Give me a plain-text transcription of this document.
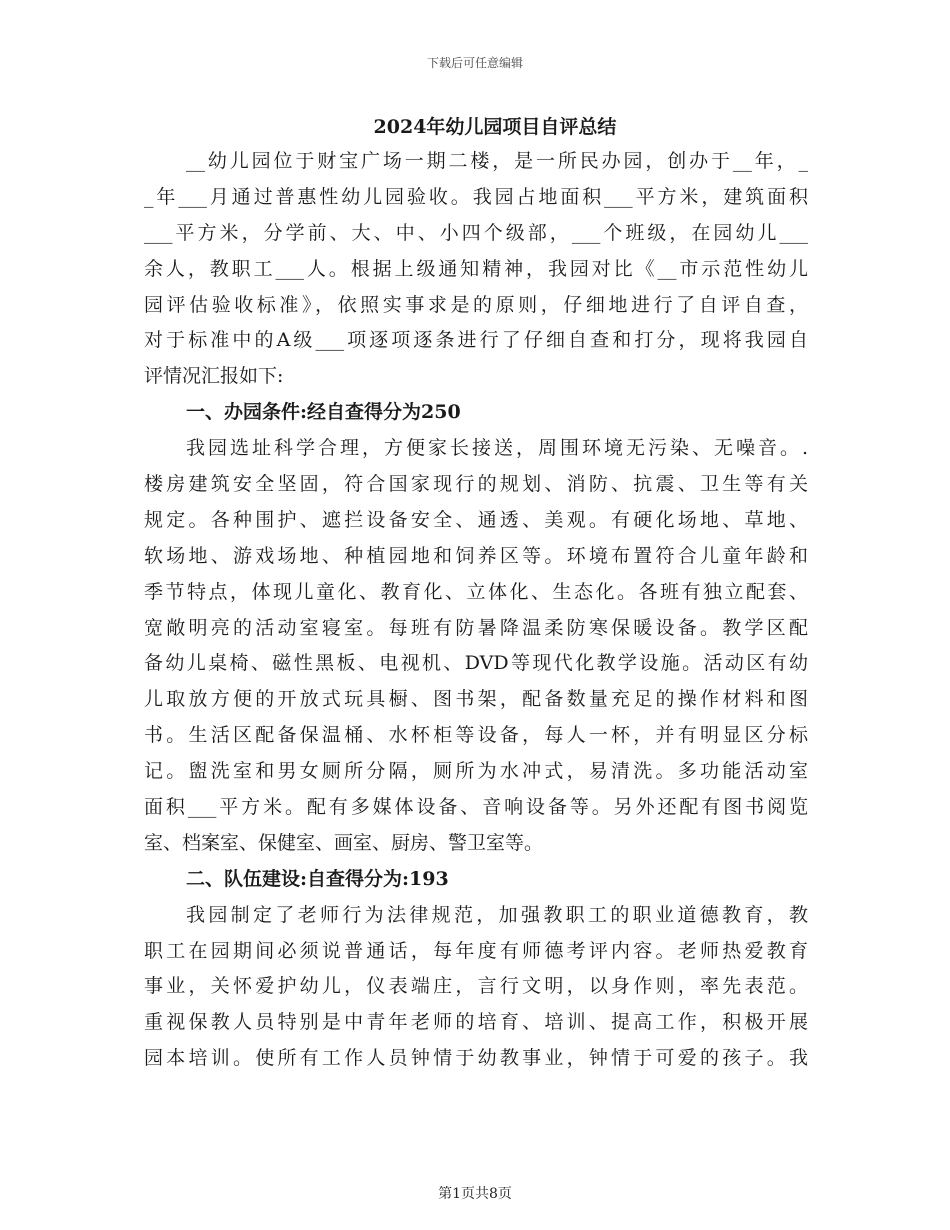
下载后可任意编辑
2024年幼儿园项目自评总结
__幼儿园位于财宝广场一期二楼，是一所民办园，创办于__年，_
_年___月通过普惠性幼儿园验收。我园占地面积___平方米，建筑面积
___平方米，分学前、大、中、小四个级部，___个班级，在园幼儿___
余人，教职工___人。根据上级通知精神，我园对比《__市示范性幼儿
园评估验收标准》，依照实事求是的原则，仔细地进行了自评自查，
对于标准中的A级___项逐项逐条进行了仔细自查和打分，现将我园自
评情况汇报如下:
一、办园条件:经自查得分为250
我园选址科学合理，方便家长接送，周围环境无污染、无噪音。.
楼房建筑安全坚固，符合国家现行的规划、消防、抗震、卫生等有关
规定。各种围护、遮拦设备安全、通透、美观。有硬化场地、草地、
软场地、游戏场地、种植园地和饲养区等。环境布置符合儿童年龄和
季节特点，体现儿童化、教育化、立体化、生态化。各班有独立配套、
宽敞明亮的活动室寝室。每班有防暑降温柔防寒保暖设备。教学区配
备幼儿桌椅、磁性黑板、电视机、DVD等现代化教学设施。活动区有幼
儿取放方便的开放式玩具橱、图书架，配备数量充足的操作材料和图
书。生活区配备保温桶、水杯柜等设备，每人一杯，并有明显区分标
记。盥洗室和男女厕所分隔，厕所为水冲式，易清洗。多功能活动室
面积___平方米。配有多媒体设备、音响设备等。另外还配有图书阅览
室、档案室、保健室、画室、厨房、警卫室等。
二、队伍建设:自查得分为:193
我园制定了老师行为法律规范，加强教职工的职业道德教育，教
职工在园期间必须说普通话，每年度有师德考评内容。老师热爱教育
事业，关怀爱护幼儿，仪表端庄，言行文明，以身作则，率先表范。
重视保教人员特别是中青年老师的培育、培训、提高工作，积极开展
园本培训。使所有工作人员钟情于幼教事业，钟情于可爱的孩子。我
第1页共8页
